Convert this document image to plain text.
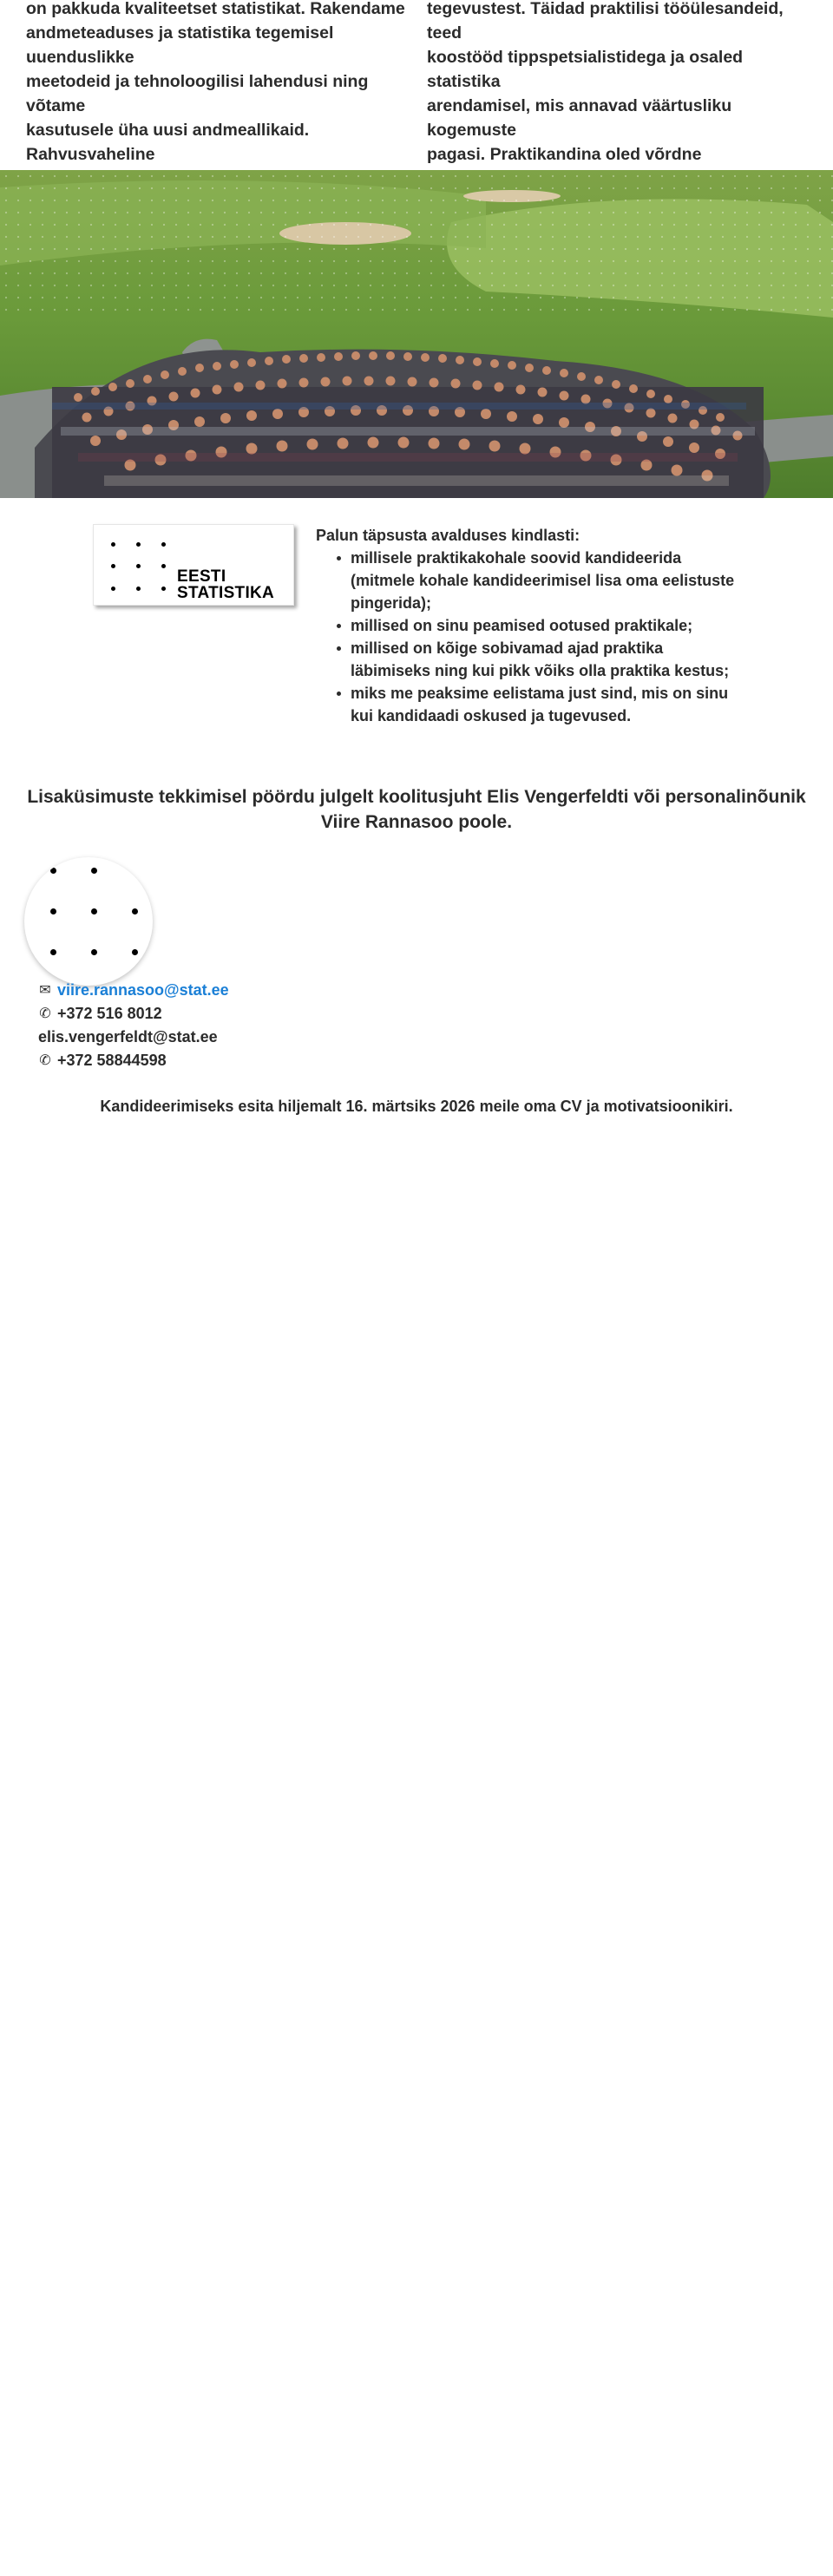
on pakkuda kvaliteetset statistikat. Rakendame
andmeteaduses ja statistika tegemisel uuenduslikke
meetodeid ja tehnoloogilisi lahendusi ning võtame
kasutusele üha uusi andmeallikaid. Rahvusvaheline
tegevustest. Täidad praktilisi tööülesandeid, teed
koostööd tippspetsialistidega ja osaled statistika
arendamisel, mis annavad väärtusliku kogemuste
pagasi. Praktikandina oled võrdne
EESTI
STATISTIKA
Palun täpsusta avalduses kindlasti:
millisele praktikakohale soovid kandideerida (mitmele kohale kandideerimisel lisa oma eelistuste pingerida);
millised on sinu peamised ootused praktikale;
millised on kõige sobivamad ajad praktika läbimiseks ning kui pikk võiks olla praktika kestus;
miks me peaksime eelistama just sind, mis on sinu kui kandidaadi oskused ja tugevused.
Lisaküsimuste tekkimisel pöördu julgelt koolitusjuht Elis Vengerfeldti või personalinõunik Viire Rannasoo poole.
✉ viire.rannasoo@stat.ee
✆ +372 516 8012
elis.vengerfeldt@stat.ee
✆ +372 58844598
Kandideerimiseks esita hiljemalt 16. märtsiks 2026 meile oma CV ja motivatsioonikiri.
